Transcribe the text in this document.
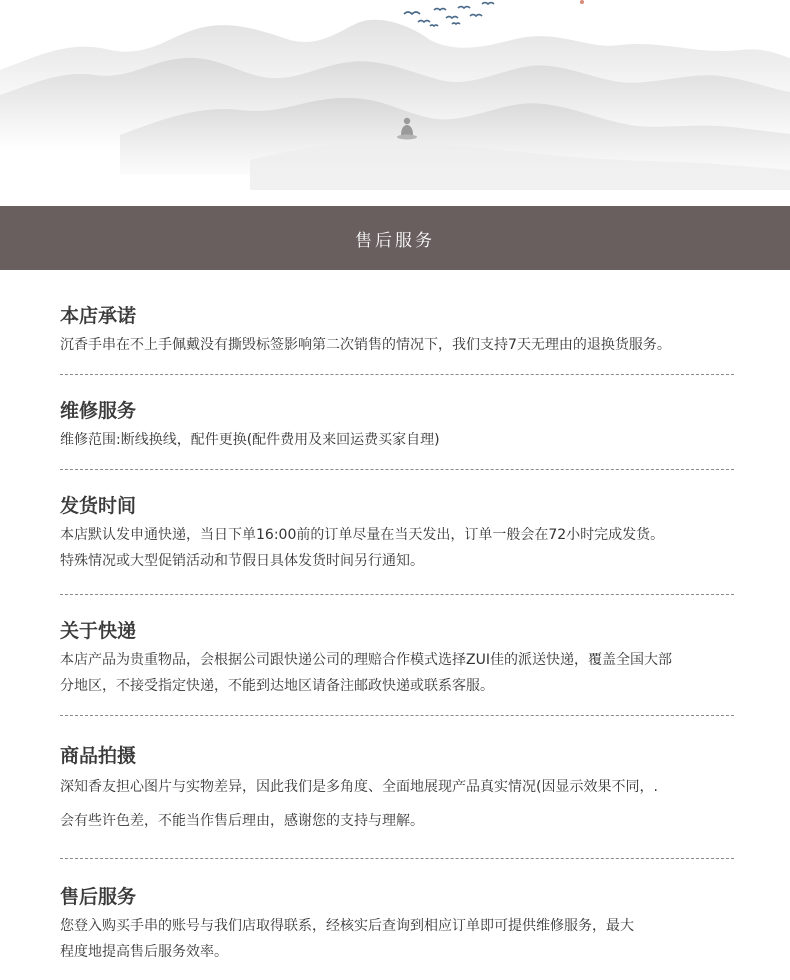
售后服务
本店承诺

沉香手串在不上手佩戴没有撕毁标签影响第二次销售的情况下，我们支持7天无理由的退换货服务。

维修服务

维修范围:断线换线，配件更换(配件费用及来回运费买家自理)

发货时间

本店默认发申通快递，当日下单16:00前的订单尽量在当天发出，订单一般会在72小时完成发货。

特殊情况或大型促销活动和节假日具体发货时间另行通知。

关于快递

本店产品为贵重物品，会根据公司跟快递公司的理赔合作模式选择ZUI佳的派送快递，覆盖全国大部

分地区，不接受指定快递，不能到达地区请备注邮政快递或联系客服。

商品拍摄

深知香友担心图片与实物差异，因此我们是多角度、全面地展现产品真实情况(因显示效果不同，.

会有些许色差，不能当作售后理由，感谢您的支持与理解。

售后服务

您登入购买手串的账号与我们店取得联系，经核实后查询到相应订单即可提供维修服务，最大

程度地提高售后服务效率。
